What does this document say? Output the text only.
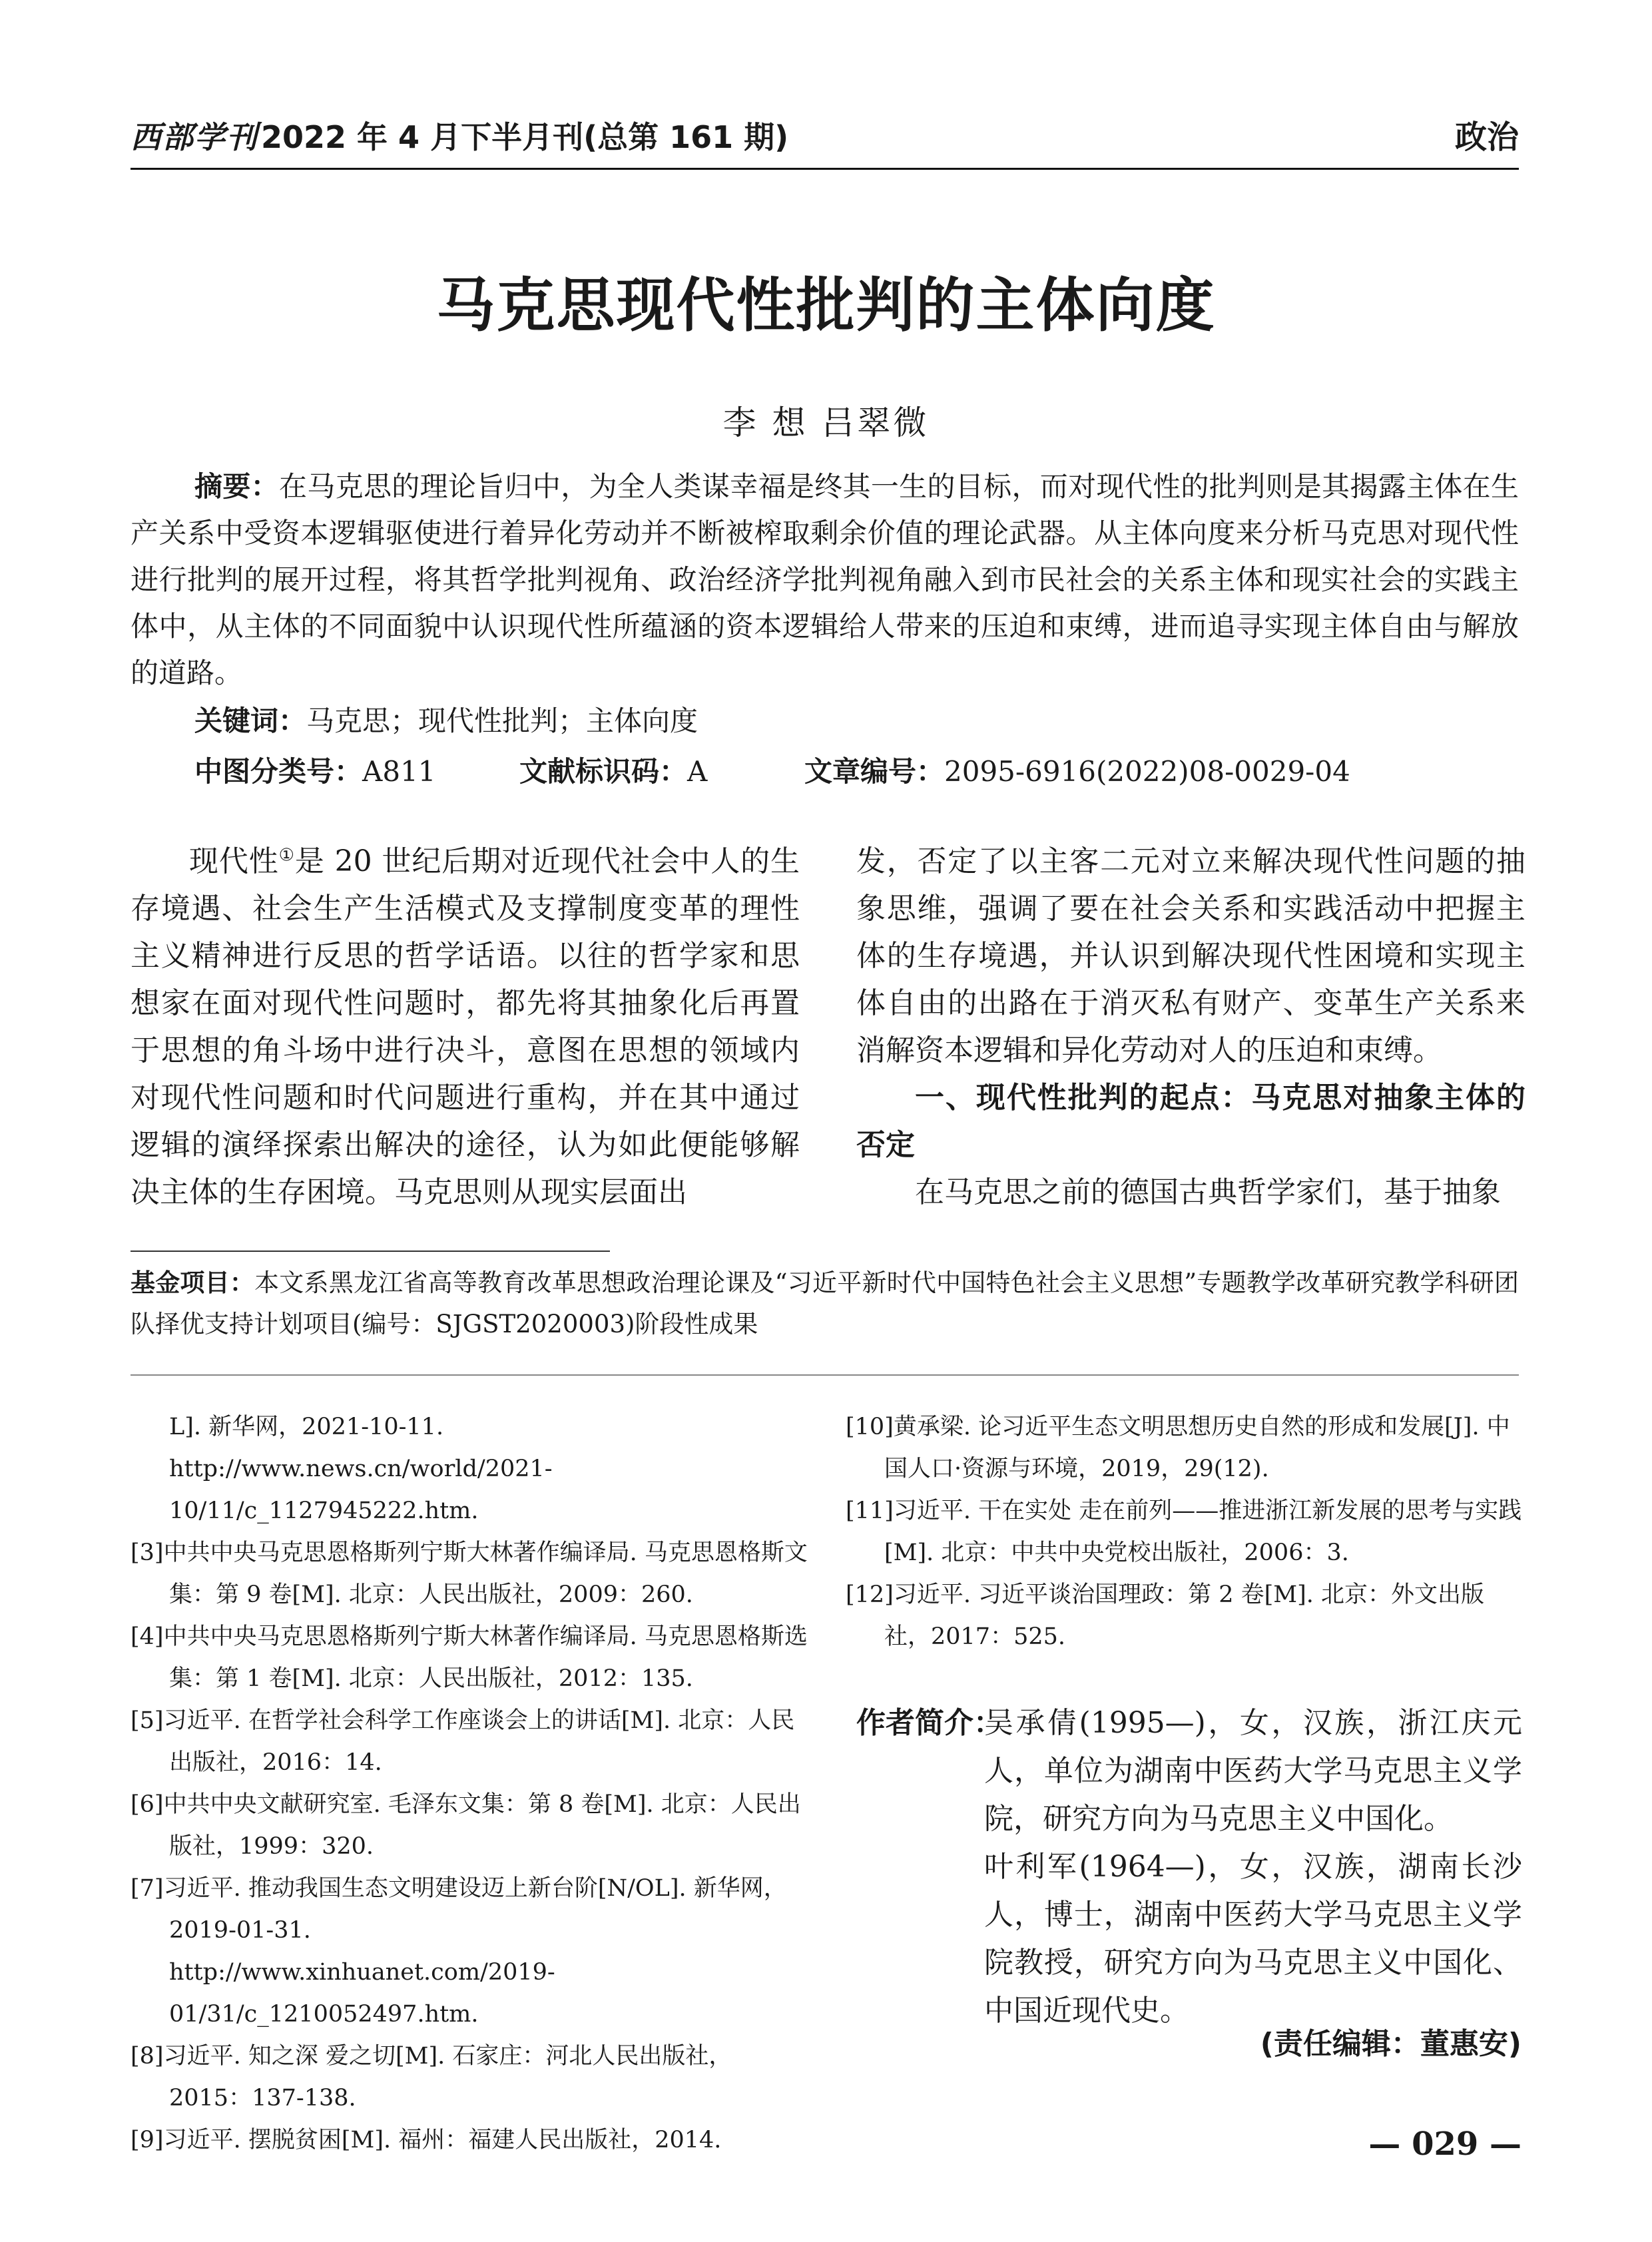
西部学刊2022 年 4 月下半月刊(总第 161 期)	政治
马克思现代性批判的主体向度
李 想 吕翠微
摘要：在马克思的理论旨归中，为全人类谋幸福是终其一生的目标，而对现代性的批判则是其揭露主体在生产关系中受资本逻辑驱使进行着异化劳动并不断被榨取剩余价值的理论武器。从主体向度来分析马克思对现代性进行批判的展开过程，将其哲学批判视角、政治经济学批判视角融入到市民社会的关系主体和现实社会的实践主体中，从主体的不同面貌中认识现代性所蕴涵的资本逻辑给人带来的压迫和束缚，进而追寻实现主体自由与解放的道路。
关键词：马克思；现代性批判；主体向度
中图分类号：A811	文献标识码：A	文章编号：2095-6916(2022)08-0029-04

现代性①是 20 世纪后期对近现代社会中人的生存境遇、社会生产生活模式及支撑制度变革的理性主义精神进行反思的哲学话语。以往的哲学家和思想家在面对现代性问题时，都先将其抽象化后再置于思想的角斗场中进行决斗，意图在思想的领域内对现代性问题和时代问题进行重构，并在其中通过逻辑的演绎探索出解决的途径，认为如此便能够解决主体的生存困境。马克思则从现实层面出

发，否定了以主客二元对立来解决现代性问题的抽象思维，强调了要在社会关系和实践活动中把握主体的生存境遇，并认识到解决现代性困境和实现主体自由的出路在于消灭私有财产、变革生产关系来消解资本逻辑和异化劳动对人的压迫和束缚。

一、现代性批判的起点：马克思对抽象主体的否定

在马克思之前的德国古典哲学家们，基于抽象

基金项目：本文系黑龙江省高等教育改革思想政治理论课及“习近平新时代中国特色社会主义思想”专题教学改革研究教学科研团队择优支持计划项目(编号：SJGST2020003)阶段性成果

L]. 新华网，2021-10-11.

http://www.news.cn/world/2021-10/11/c_1127945222.htm.

[3]中共中央马克思恩格斯列宁斯大林著作编译局. 马克思恩格斯文集：第 9 卷[M]. 北京：人民出版社，2009：260.

[4]中共中央马克思恩格斯列宁斯大林著作编译局. 马克思恩格斯选集：第 1 卷[M]. 北京：人民出版社，2012：135.

[5]习近平. 在哲学社会科学工作座谈会上的讲话[M]. 北京：人民出版社，2016：14.

[6]中共中央文献研究室. 毛泽东文集：第 8 卷[M]. 北京：人民出版社，1999：320.

[7]习近平. 推动我国生态文明建设迈上新台阶[N/OL]. 新华网，2019-01-31.

http://www.xinhuanet.com/2019-01/31/c_1210052497.htm.

[8]习近平. 知之深 爱之切[M]. 石家庄：河北人民出版社，2015：137-138.

[9]习近平. 摆脱贫困[M]. 福州：福建人民出版社，2014.

[10]黄承梁. 论习近平生态文明思想历史自然的形成和发展[J]. 中国人口·资源与环境，2019，29(12).

[11]习近平. 干在实处 走在前列——推进浙江新发展的思考与实践[M]. 北京：中共中央党校出版社，2006：3.

[12]习近平. 习近平谈治国理政：第 2 卷[M]. 北京：外文出版社，2017：525.

作者简介：

吴承倩(1995—)，女，汉族，浙江庆元人，单位为湖南中医药大学马克思主义学院，研究方向为马克思主义中国化。

叶利军(1964—)，女，汉族，湖南长沙人，博士，湖南中医药大学马克思主义学院教授，研究方向为马克思主义中国化、中国近现代史。

(责任编辑：董惠安)
— 029 —
